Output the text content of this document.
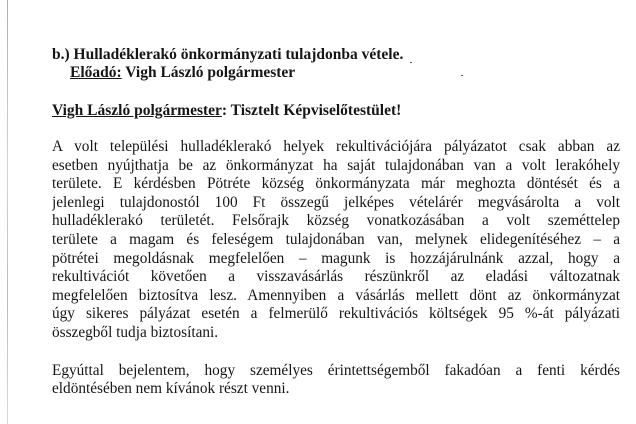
b.) Hulladéklerakó önkormányzati tulajdonba vétele.
Előadó: Vigh László polgármester
Vigh László polgármester: Tisztelt Képviselőtestület!
A volt települési hulladéklerakó helyek rekultivációjára pályázatot csak abban az
esetben nyújthatja be az önkormányzat ha saját tulajdonában van a volt lerakóhely
területe. E kérdésben Pötréte község önkormányzata már meghozta döntését és a
jelenlegi tulajdonostól 100 Ft összegű jelképes vételárér megvásárolta a volt
hulladéklerakó területét. Felsőrajk község vonatkozásában a volt szeméttelep
területe a magam és feleségem tulajdonában van, melynek elidegenítéséhez – a
pötrétei megoldásnak megfelelően – magunk is hozzájárulnánk azzal, hogy a
rekultivációt követően a visszavásárlás részünkről az eladási változatnak
megfelelően biztosítva lesz. Amennyiben a vásárlás mellett dönt az önkormányzat
úgy sikeres pályázat esetén a felmerülő rekultivációs költségek 95 %-át pályázati
összegből tudja biztosítani.
Egyúttal bejelentem, hogy személyes érintettségemből fakadóan a fenti kérdés
eldöntésében nem kívánok részt venni.
